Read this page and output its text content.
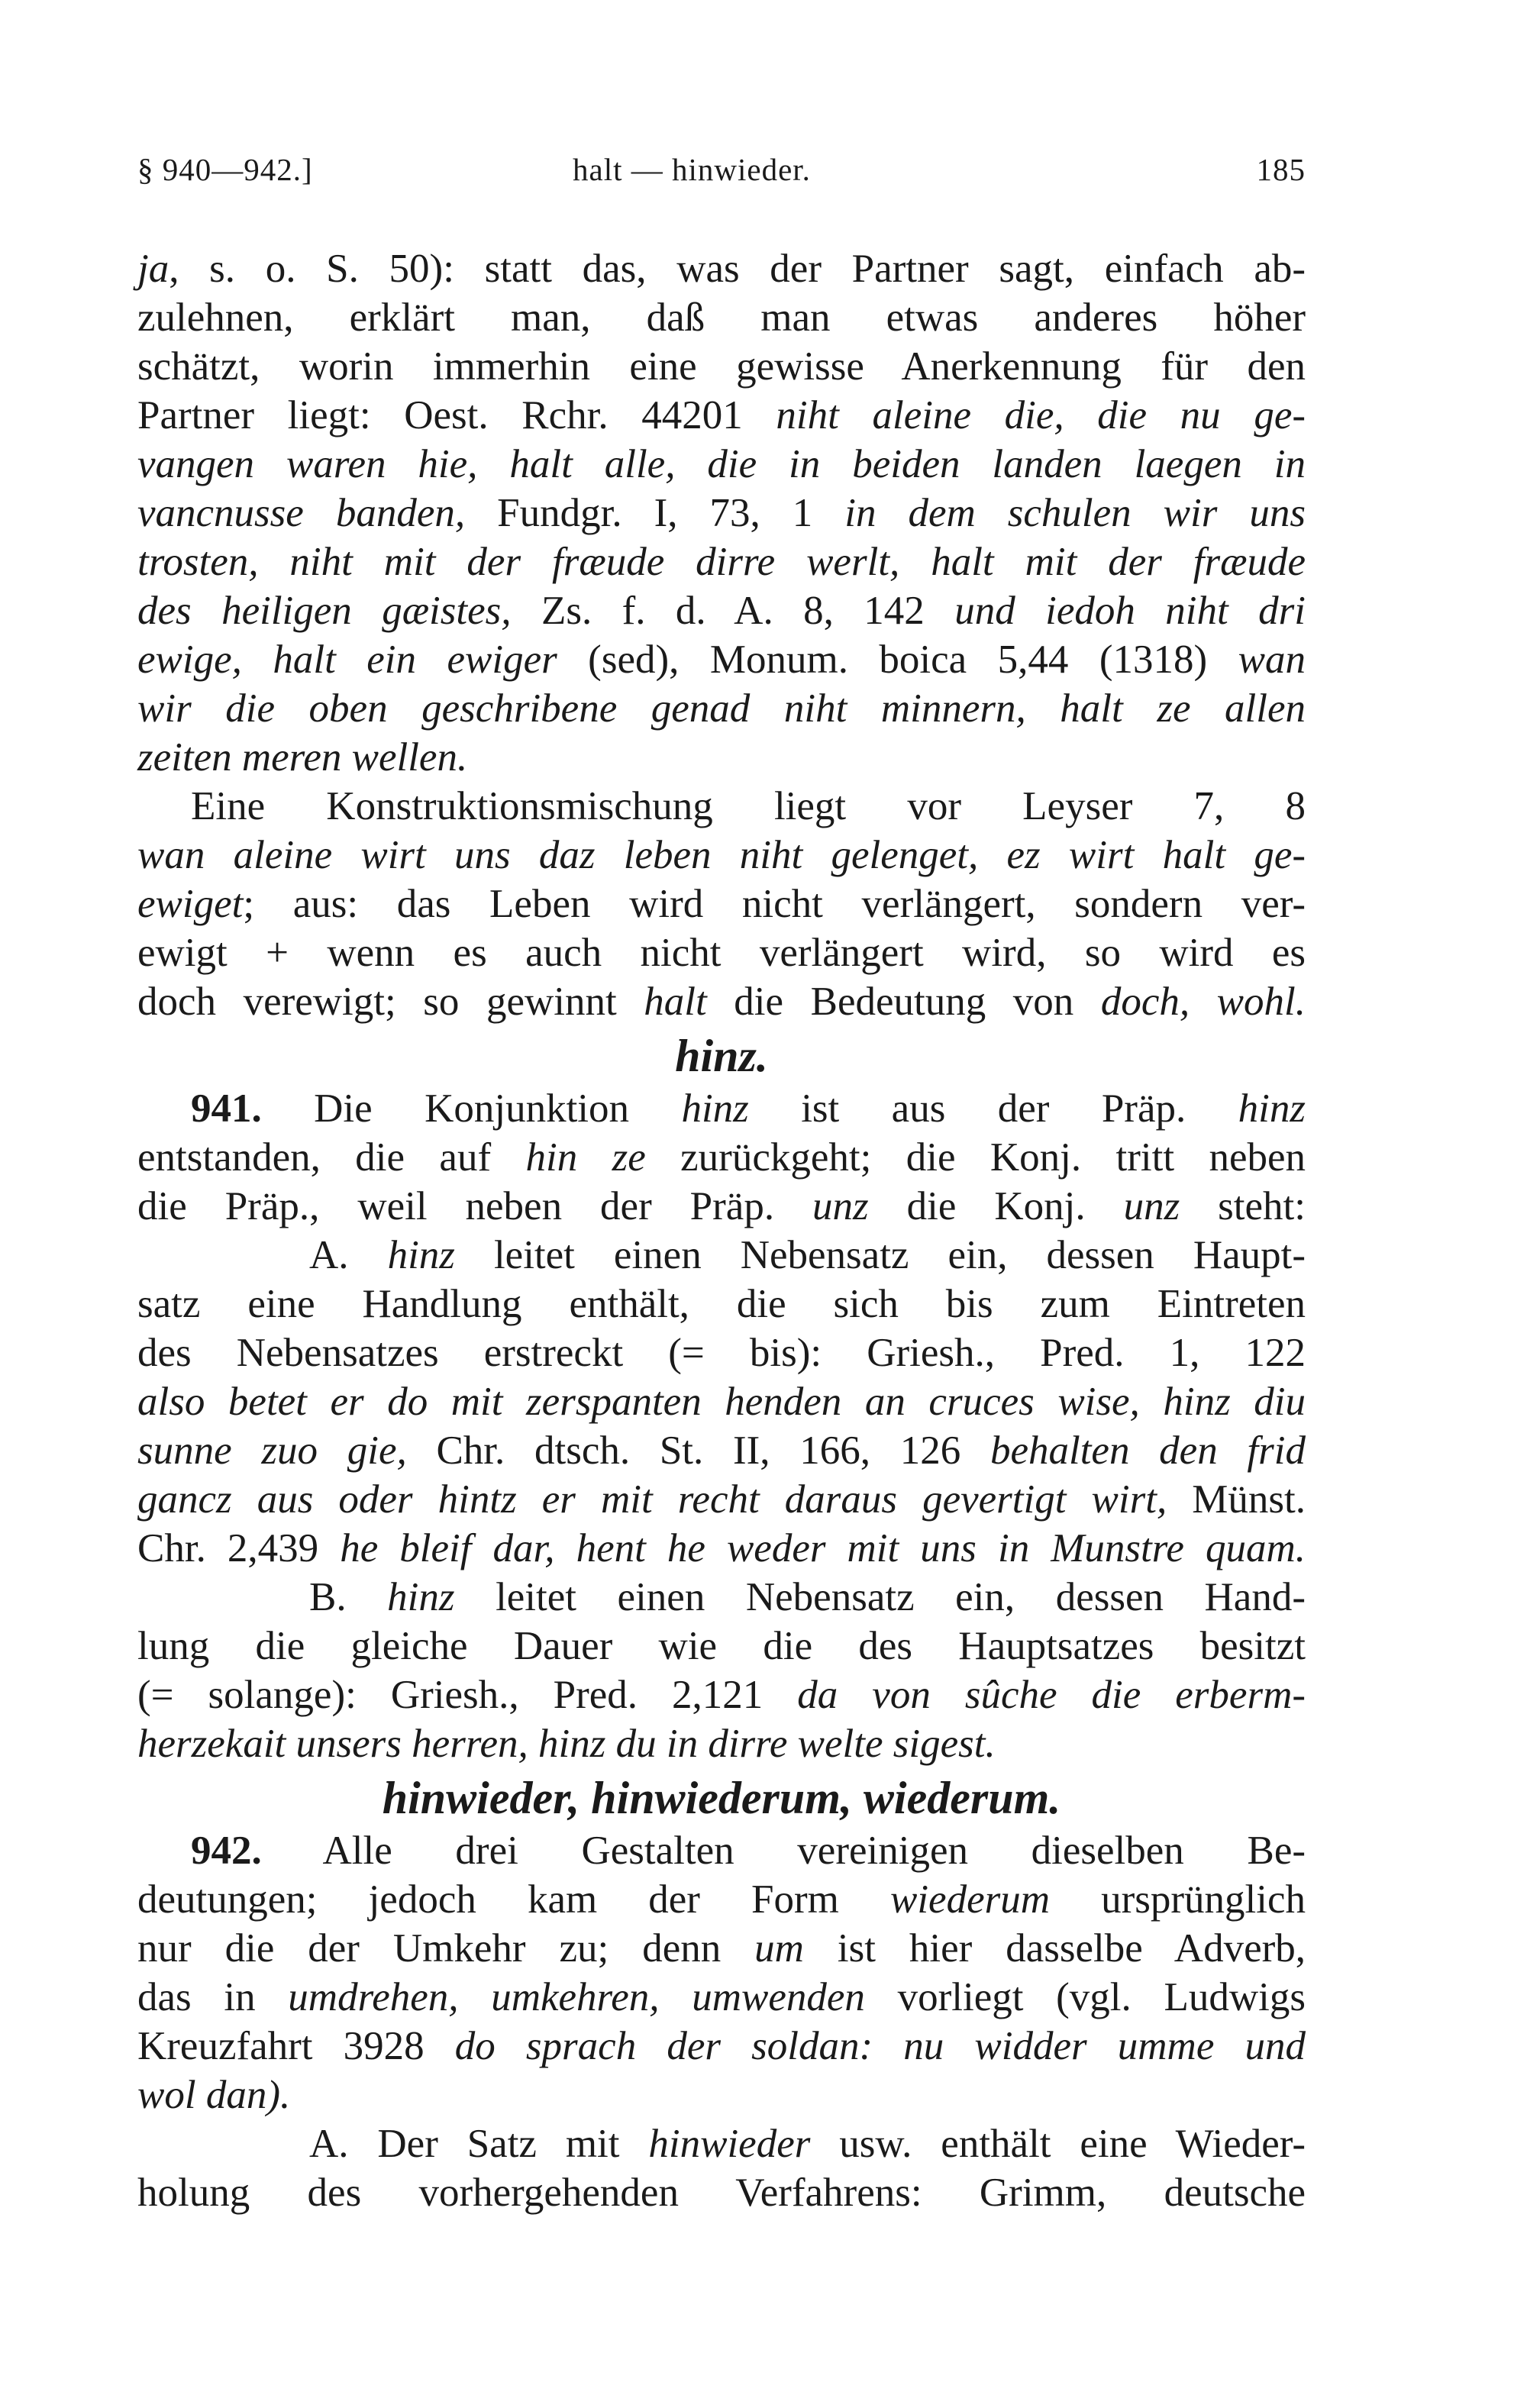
§ 940—942.]	halt — hinwieder.	185
ja, s. o. S. 50): statt das, was der Partner sagt, einfach ab-
zulehnen, erklärt man, daß man etwas anderes höher
schätzt, worin immerhin eine gewisse Anerkennung für den
Partner liegt: Oest. Rchr. 44201 niht aleine die, die nu ge-
vangen waren hie, halt alle, die in beiden landen laegen in
vancnusse banden, Fundgr. I, 73, 1 in dem schulen wir uns
trosten, niht mit der fræude dirre werlt, halt mit der fræude
des heiligen gæistes, Zs. f. d. A. 8, 142 und iedoh niht dri
ewige, halt ein ewiger (sed), Monum. boica 5,44 (1318) wan
wir die oben geschribene genad niht minnern, halt ze allen
zeiten meren wellen.
Eine Konstruktionsmischung liegt vor Leyser 7, 8
wan aleine wirt uns daz leben niht gelenget, ez wirt halt ge-
ewiget; aus: das Leben wird nicht verlängert, sondern ver-
ewigt + wenn es auch nicht verlängert wird, so wird es
doch verewigt; so gewinnt halt die Bedeutung von doch, wohl.
hinz.
941. Die Konjunktion hinz ist aus der Präp. hinz
entstanden, die auf hin ze zurückgeht; die Konj. tritt neben
die Präp., weil neben der Präp. unz die Konj. unz steht:
A. hinz leitet einen Nebensatz ein, dessen Haupt-
satz eine Handlung enthält, die sich bis zum Eintreten
des Nebensatzes erstreckt (= bis): Griesh., Pred. 1, 122
also betet er do mit zerspanten henden an cruces wise, hinz diu
sunne zuo gie, Chr. dtsch. St. II, 166, 126 behalten den frid
gancz aus oder hintz er mit recht daraus gevertigt wirt, Münst.
Chr. 2,439 he bleif dar, hent he weder mit uns in Munstre quam.
B. hinz leitet einen Nebensatz ein, dessen Hand-
lung die gleiche Dauer wie die des Hauptsatzes besitzt
(= solange): Griesh., Pred. 2,121 da von sûche die erberm-
herzekait unsers herren, hinz du in dirre welte sigest.
hinwieder, hinwiederum, wiederum.
942. Alle drei Gestalten vereinigen dieselben Be-
deutungen; jedoch kam der Form wiederum ursprünglich
nur die der Umkehr zu; denn um ist hier dasselbe Adverb,
das in umdrehen, umkehren, umwenden vorliegt (vgl. Ludwigs
Kreuzfahrt 3928 do sprach der soldan: nu widder umme und
wol dan).
A. Der Satz mit hinwieder usw. enthält eine Wieder-
holung des vorhergehenden Verfahrens: Grimm, deutsche
